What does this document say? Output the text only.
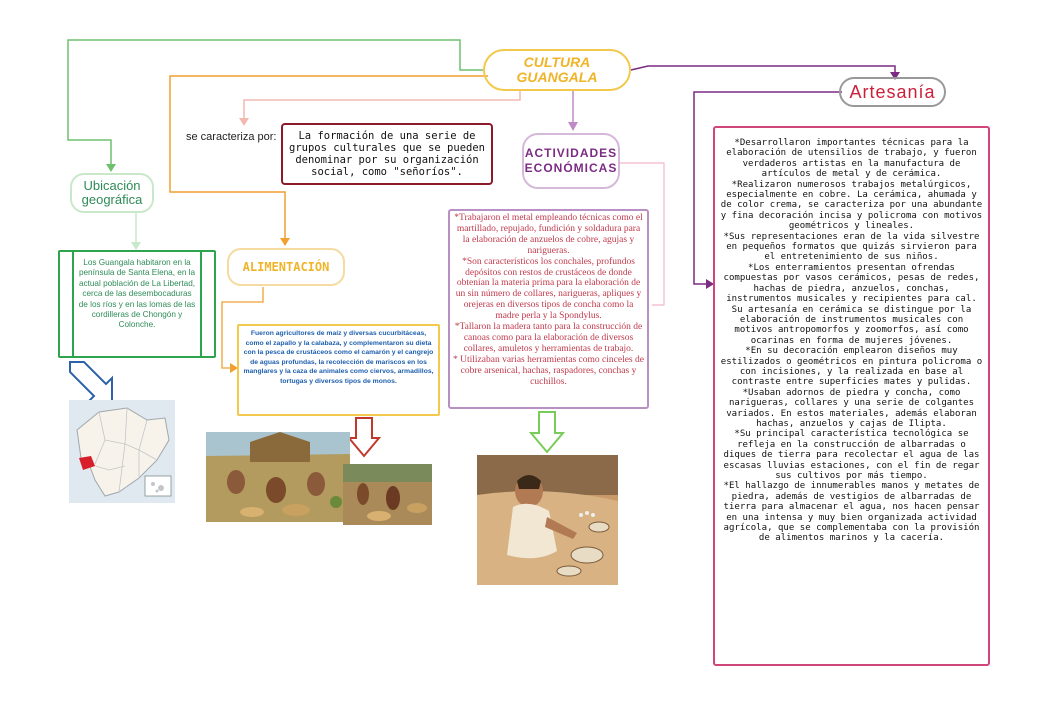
CULTURA
GUANGALA
Artesanía

*Desarrollaron importantes técnicas para la elaboración de utensilios de trabajo, y fueron verdaderos artistas en la manufactura de artículos de metal y de cerámica.

*Realizaron numerosos trabajos metalúrgicos, especialmente en cobre. La cerámica, ahumada y de color crema, se caracteriza por una abundante y fina decoración incisa y policroma con motivos geométricos y lineales.

*Sus representaciones eran de la vida silvestre en pequeños formatos que quizás sirvieron para el entretenimiento de sus niños.

*Los enterramientos presentan ofrendas compuestas por vasos cerámicos, pesas de redes, hachas de piedra, anzuelos, conchas, instrumentos musicales y recipientes para cal. Su artesanía en cerámica se distingue por la elaboración de instrumentos musicales con motivos antropomorfos y zoomorfos, así como ocarinas en forma de mujeres jóvenes.

*En su decoración emplearon diseños muy estilizados o geométricos en pintura policroma o con incisiones, y la realizada en base al contraste entre superficies mates y pulidas.

*Usaban adornos de piedra y concha, como narigueras, collares y una serie de colgantes variados. En estos materiales, además elaboran hachas, anzuelos y cajas de Ilipta.

*Su principal característica tecnológica se refleja en la construcción de albarradas o diques de tierra para recolectar el agua de las escasas lluvias estaciones, con el fin de regar sus cultivos por más tiempo.

*El hallazgo de innumerables manos y metates de piedra, además de vestigios de albarradas de tierra para almacenar el agua, nos hacen pensar en una intensa y muy bien organizada actividad agrícola, que se complementaba con la provisión de alimentos marinos y la cacería.

Ubicación
geográfica
Los Guangala habitaron en la península de Santa Elena, en la actual población de La Libertad, cerca de las desembocaduras de los ríos y en las lomas de las cordilleras de Chongón y Colonche.
se caracteriza por:	La formación de una serie de grupos culturales que se pueden denominar por su organización social, como "señoríos".
ACTIVIDADES
ECONÓMICAS

*Trabajaron el metal empleando técnicas como el martillado, repujado, fundición y soldadura para la elaboración de anzuelos de cobre, agujas y narigueras.

*Son característicos los conchales, profundos depósitos con restos de crustáceos de donde obtenían la materia prima para la elaboración de un sin número de collares, narigueras, apliques y orejeras en diversos tipos de concha como la madre perla y la Spondylus.

*Tallaron la madera tanto para la construcción de canoas como para la elaboración de diversos collares, amuletos y herramientas de trabajo.

* Utilizaban varias herramientas como cinceles de cobre arsenical, hachas, raspadores, conchas y cuchillos.

ALIMENTACIÓN
Fueron agricultores de maíz y diversas cucurbitáceas, como el zapallo y la calabaza, y complementaron su dieta con la pesca de crustáceos como el camarón y el cangrejo de aguas profundas, la recolección de mariscos en los manglares y la caza de animales como ciervos, armadillos, tortugas y diversos tipos de monos.
